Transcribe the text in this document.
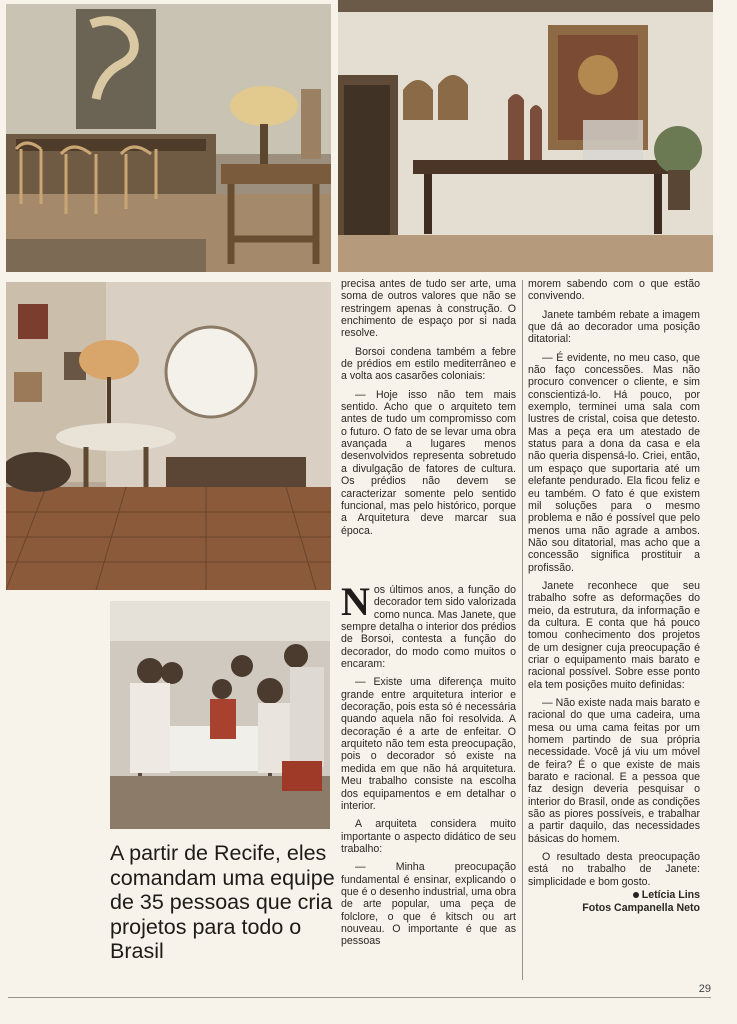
precisa antes de tudo ser arte, uma soma de outros valores que não se restringem apenas à construção. O enchimento de espaço por si nada resolve.

Borsoi condena também a febre de prédios em estilo mediterrâneo e a volta aos casarões coloniais:

— Hoje isso não tem mais sentido. Acho que o arquiteto tem antes de tudo um compromisso com o futuro. O fato de se levar uma obra avançada a lugares menos desenvolvidos representa sobretudo a divulgação de fatores de cultura. Os prédios não devem se caracterizar somente pelo sentido funcional, mas pelo histórico, porque a Arquitetura deve marcar sua época.

Nos últimos anos, a função do decorador tem sido valorizada como nunca. Mas Janete, que sempre detalha o interior dos prédios de Borsoi, contesta a função do decorador, do modo como muitos o encaram:

— Existe uma diferença muito grande entre arquitetura interior e decoração, pois esta só é necessária quando aquela não foi resolvida. A decoração é a arte de enfeitar. O arquiteto não tem esta preocupação, pois o decorador só existe na medida em que não há arquitetura. Meu trabalho consiste na escolha dos equipamentos e em detalhar o interior.

A arquiteta considera muito importante o aspecto didático de seu trabalho:

— Minha preocupação fundamental é ensinar, explicando o que é o desenho industrial, uma obra de arte popular, uma peça de folclore, o que é kitsch ou art nouveau. O importante é que as pessoas

morem sabendo com o que estão convivendo.

Janete também rebate a imagem que dá ao decorador uma posição ditatorial:

— É evidente, no meu caso, que não faço concessões. Mas não procuro convencer o cliente, e sim conscientizá-lo. Há pouco, por exemplo, terminei uma sala com lustres de cristal, coisa que detesto. Mas a peça era um atestado de status para a dona da casa e ela não queria dispensá-lo. Criei, então, um espaço que suportaria até um elefante pendurado. Ela ficou feliz e eu também. O fato é que existem mil soluções para o mesmo problema e não é possível que pelo menos uma não agrade a ambos. Não sou ditatorial, mas acho que a concessão significa prostituir a profissão.

Janete reconhece que seu trabalho sofre as deformações do meio, da estrutura, da informação e da cultura. E conta que há pouco tomou conhecimento dos projetos de um designer cuja preocupação é criar o equipamento mais barato e racional possível. Sobre esse ponto ela tem posições muito definidas:

— Não existe nada mais barato e racional do que uma cadeira, uma mesa ou uma cama feitas por um homem partindo de sua própria necessidade. Você já viu um móvel de feira? É o que existe de mais barato e racional. E a pessoa que faz design deveria pesquisar o interior do Brasil, onde as condições são as piores possíveis, e trabalhar a partir daquilo, das necessidades básicas do homem.

O resultado desta preocupação está no trabalho de Janete: simplicidade e bom gosto.

Letícia Lins

Fotos Campanella Neto

A partir de Recife, eles comandam uma equipe de 35 pessoas que cria projetos para todo o Brasil
29
